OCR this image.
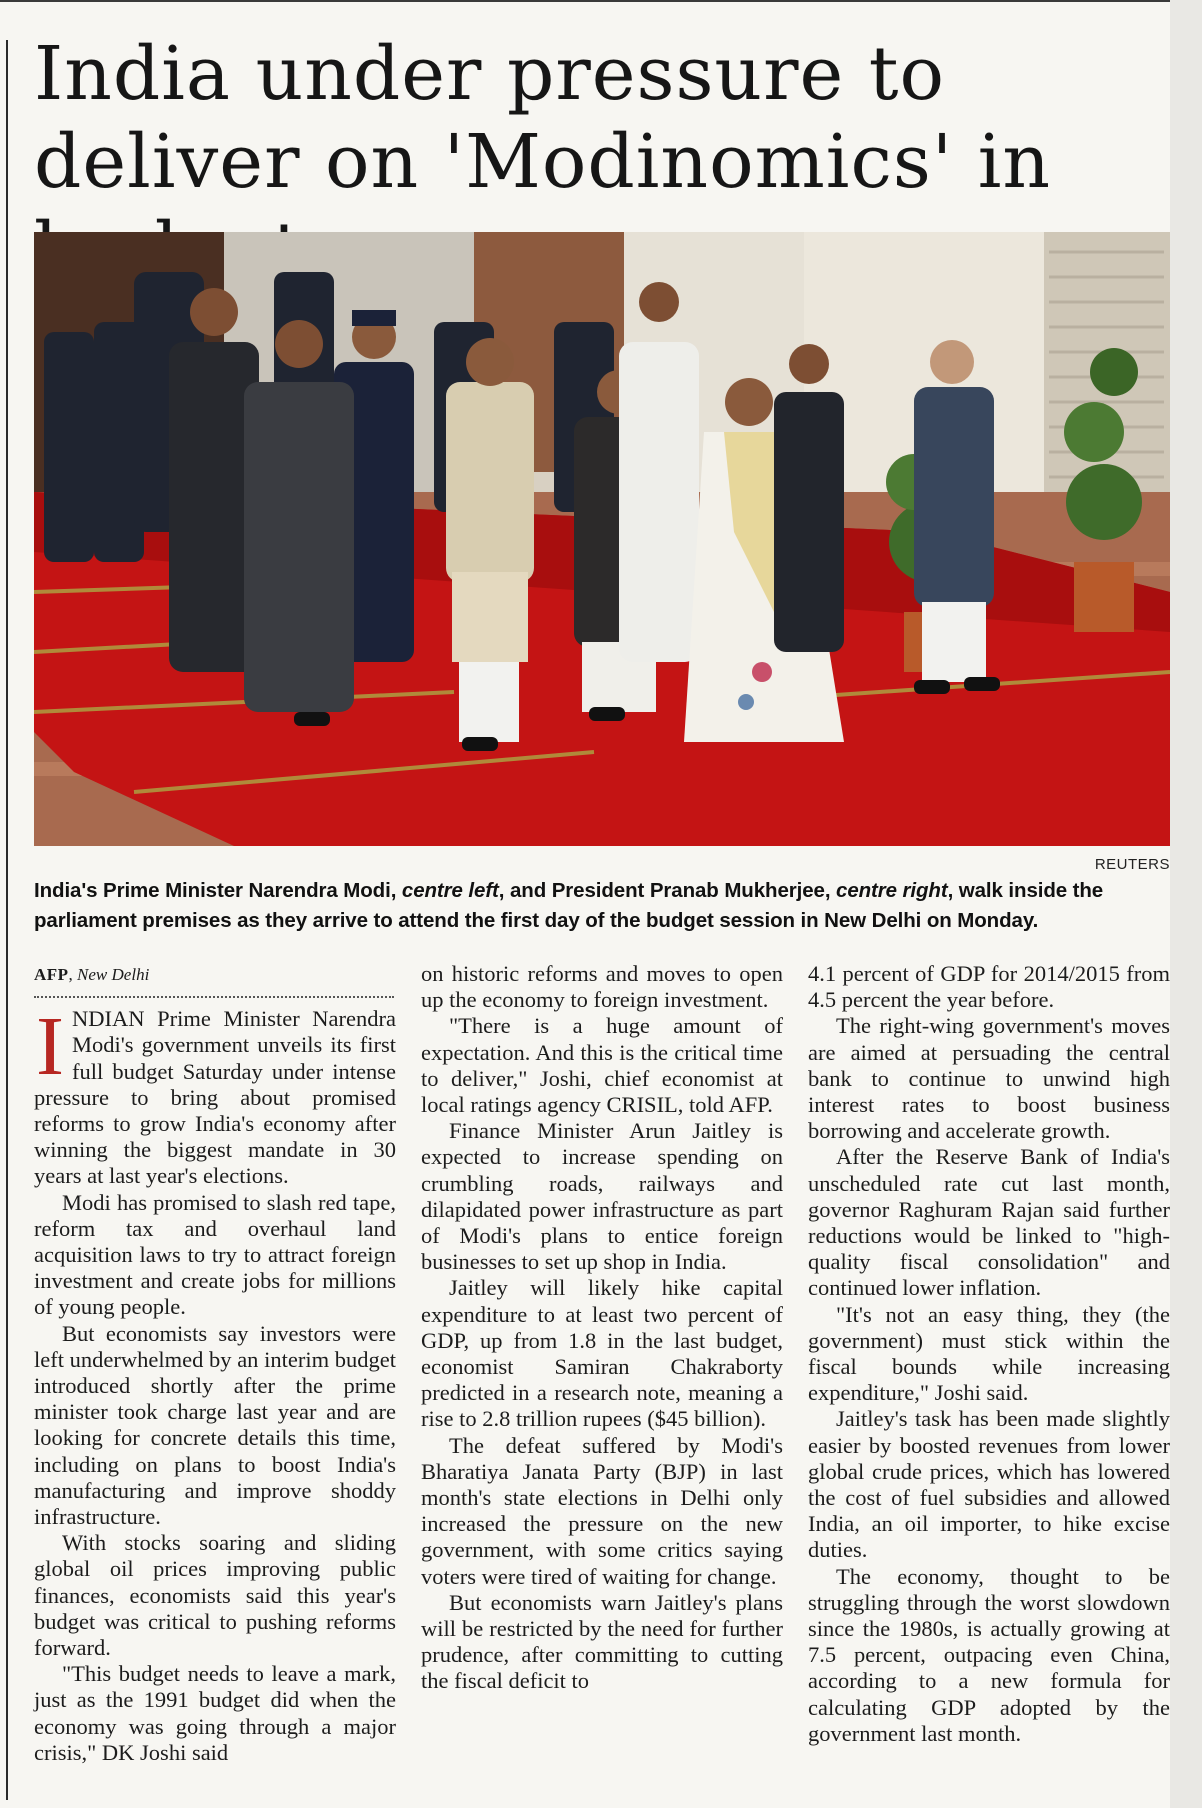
India under pressure to deliver on 'Modinomics' in
REUTERS
India's Prime Minister Narendra Modi, centre left, and President Pranab Mukherjee, centre right, walk inside the parliament premises as they arrive to attend the first day of the budget session in New Delhi on Monday.
AFP, New Delhi

INDIAN Prime Minister Narendra Modi's government unveils its first full budget Saturday under intense pressure to bring about promised reforms to grow India's economy after winning the biggest mandate in 30 years at last year's elections.

Modi has promised to slash red tape, reform tax and overhaul land acquisition laws to try to attract foreign investment and create jobs for millions of young people.

But economists say investors were left underwhelmed by an interim budget introduced shortly after the prime minister took charge last year and are looking for concrete details this time, including on plans to boost India's manufacturing and improve shoddy infrastructure.

With stocks soaring and sliding global oil prices improving public finances, economists said this year's budget was critical to pushing reforms forward.

"This budget needs to leave a mark, just as the 1991 budget did when the economy was going through a major crisis," DK Joshi said

on historic reforms and moves to open up the economy to foreign investment.

"There is a huge amount of expectation. And this is the critical time to deliver," Joshi, chief economist at local ratings agency CRISIL, told AFP.

Finance Minister Arun Jaitley is expected to increase spending on crumbling roads, railways and dilapidated power infrastructure as part of Modi's plans to entice foreign businesses to set up shop in India.

Jaitley will likely hike capital expenditure to at least two percent of GDP, up from 1.8 in the last budget, economist Samiran Chakraborty predicted in a research note, meaning a rise to 2.8 trillion rupees ($45 billion).

The defeat suffered by Modi's Bharatiya Janata Party (BJP) in last month's state elections in Delhi only increased the pressure on the new government, with some critics saying voters were tired of waiting for change.

But economists warn Jaitley's plans will be restricted by the need for further prudence, after committing to cutting the fiscal deficit to

4.1 percent of GDP for 2014/2015 from 4.5 percent the year before.

The right-wing government's moves are aimed at persuading the central bank to continue to unwind high interest rates to boost business borrowing and accelerate growth.

After the Reserve Bank of India's unscheduled rate cut last month, governor Raghuram Rajan said further reductions would be linked to "high-quality fiscal consolidation" and continued lower inflation.

"It's not an easy thing, they (the government) must stick within the fiscal bounds while increasing expenditure," Joshi said.

Jaitley's task has been made slightly easier by boosted revenues from lower global crude prices, which has lowered the cost of fuel subsidies and allowed India, an oil importer, to hike excise duties.

The economy, thought to be struggling through the worst slowdown since the 1980s, is actually growing at 7.5 percent, outpacing even China, according to a new formula for calculating GDP adopted by the government last month.
